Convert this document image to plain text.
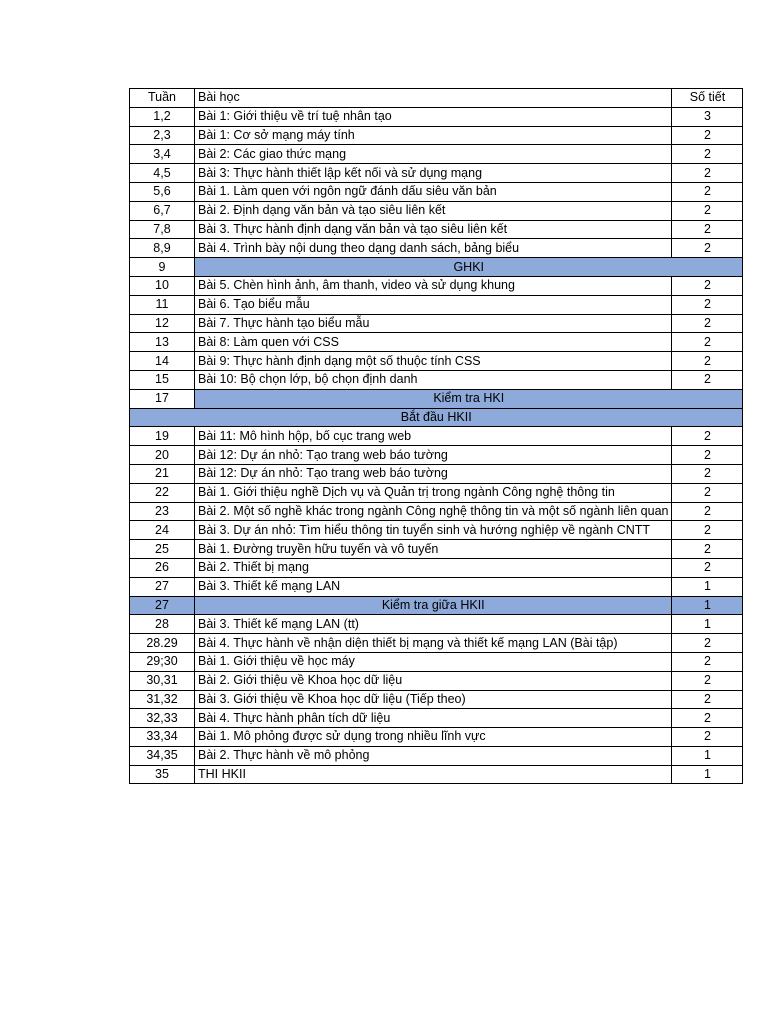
Tuần	Bài học	Số tiết
1,2	Bài 1: Giới thiệu về trí tuệ nhân tạo	3
2,3	Bài 1: Cơ sở mạng máy tính	2
3,4	Bài 2: Các giao thức mạng	2
4,5	Bài 3: Thực hành thiết lập kết nối và sử dụng mạng	2
5,6	Bài 1. Làm quen với ngôn ngữ đánh dấu siêu văn bản	2
6,7	Bài 2. Định dạng văn bản và tạo siêu liên kết	2
7,8	Bài 3. Thực hành định dạng văn bản và tạo siêu liên kết	2
8,9	Bài 4. Trình bày nội dung theo dạng danh sách, bảng biểu	2
9	GHKI	
10	Bài 5. Chèn hình ảnh, âm thanh, video và sử dụng khung	2
11	Bài 6. Tạo biểu mẫu	2
12	Bài 7. Thực hành tạo biểu mẫu	2
13	Bài 8: Làm quen với CSS	2
14	Bài 9: Thực hành định dạng một số thuộc tính CSS	2
15	Bài 10: Bộ chọn lớp, bộ chọn định danh	2
17	Kiểm tra HKI	
Bắt đầu HKII		
19	Bài 11: Mô hình hộp, bố cục trang web	2
20	Bài 12: Dự án nhỏ: Tạo trang web báo tường	2
21	Bài 12: Dự án nhỏ: Tạo trang web báo tường	2
22	Bài 1. Giới thiệu nghề Dịch vụ và Quản trị trong ngành Công nghệ thông tin	2
23	Bài 2. Một số nghề khác trong ngành Công nghệ thông tin và một số ngành liên quan	2
24	Bài 3. Dự án nhỏ: Tìm hiểu thông tin tuyển sinh và hướng nghiệp về ngành CNTT	2
25	Bài 1. Đường truyền hữu tuyến và vô tuyến	2
26	Bài 2. Thiết bị mạng	2
27	Bài 3. Thiết kế mạng LAN	1
27	Kiểm tra giữa HKII	1
28	Bài 3. Thiết kế mạng LAN (tt)	1
28.29	Bài 4. Thực hành về nhận diện thiết bị mạng và thiết kế mạng LAN (Bài tập)	2
29;30	Bài 1. Giới thiệu về học máy	2
30,31	Bài 2. Giới thiệu về Khoa học dữ liệu	2
31,32	Bài 3. Giới thiệu về Khoa học dữ liệu (Tiếp theo)	2
32,33	Bài 4. Thực hành phân tích dữ liệu	2
33,34	Bài 1. Mô phỏng được sử dụng trong nhiều lĩnh vực	2
34,35	Bài 2. Thực hành về mô phỏng	1
35	THI HKII	1
